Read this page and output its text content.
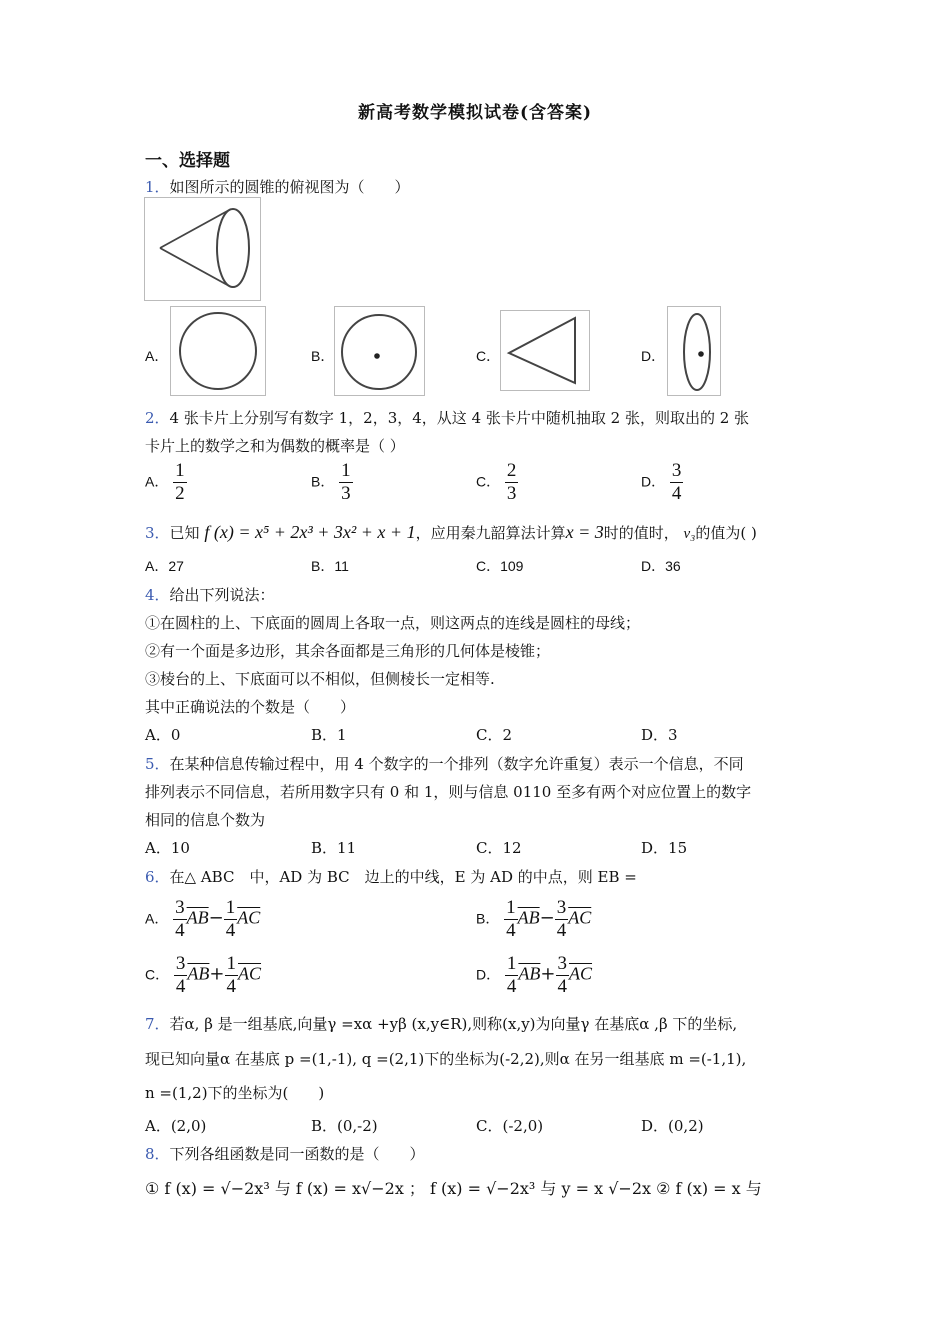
新高考数学模拟试卷(含答案)
一、选择题
1．如图所示的圆锥的俯视图为（　　）
A．	B．	C．	D．
2．4 张卡片上分别写有数字 1，2，3，4，从这 4 张卡片中随机抽取 2 张，则取出的 2 张
卡片上的数学之和为偶数的概率是（ ）
A． $\frac{1}{2}$	B． $\frac{1}{3}$	C． $\frac{2}{3}$	D． $\frac{3}{4}$
3．已知 f (x) = x⁵ + 2x³ + 3x² + x + 1，应用秦九韶算法计算x = 3时的值时， v₃的值为( )
A．27	B．11	C．109	D．36
4．给出下列说法：
①在圆柱的上、下底面的圆周上各取一点，则这两点的连线是圆柱的母线；
②有一个面是多边形，其余各面都是三角形的几何体是棱锥；
③棱台的上、下底面可以不相似，但侧棱长一定相等.
其中正确说法的个数是（　　）
A．0	B．1	C．2	D．3
5．在某种信息传输过程中，用 4 个数字的一个排列（数字允许重复）表示一个信息，不同
排列表示不同信息，若所用数字只有 0 和 1，则与信息 0110 至多有两个对应位置上的数字
相同的信息个数为
A．10	B．11	C．12	D．15
6．在△ ABC　中，AD 为 BC　边上的中线，E 为 AD 的中点，则 EB =
A． $\frac{3}{4} \overline{AB}- \frac{1}{4} \overline{AC}$	B． $\frac{1}{4} \overline{AB}- \frac{3}{4} \overline{AC}$
C． $\frac{3}{4} \overline{AB}+ \frac{1}{4} \overline{AC}$	D． $\frac{1}{4} \overline{AB}+ \frac{3}{4} \overline{AC}$
7．若α, β 是一组基底,向量γ =xα +yβ (x,y∈R),则称(x,y)为向量γ 在基底α ,β 下的坐标,
现已知向量α 在基底 p =(1,-1), q =(2,1)下的坐标为(-2,2),则α 在另一组基底 m =(-1,1),
n =(1,2)下的坐标为(　　)
A．(2,0)	B．(0,-2)	C．(-2,0)	D．(0,2)
8．下列各组函数是同一函数的是（　　）
① f (x) = √−2x³ 与 f (x) = x√−2x ； f (x) = √−2x³ 与 y = x √−2x ② f (x) = x 与
